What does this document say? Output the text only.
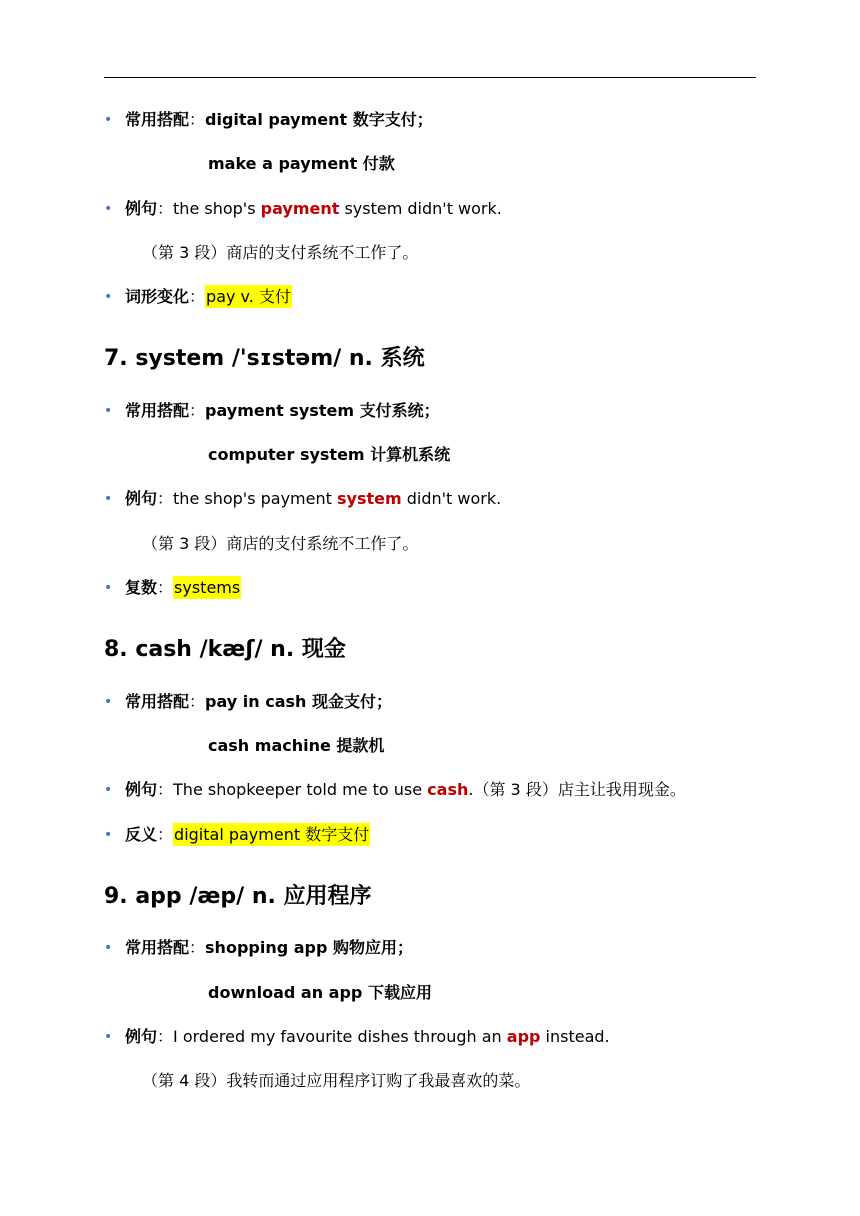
• 常用搭配：digital payment 数字支付；
make a payment 付款
• 例句：the shop's payment system didn't work.
（第 3 段）商店的支付系统不工作了。
• 词形变化：pay v. 支付
7. system /'sɪstəm/ n. 系统
• 常用搭配：payment system 支付系统；
computer system 计算机系统
• 例句：the shop's payment system didn't work.
（第 3 段）商店的支付系统不工作了。
• 复数：systems
8. cash /kæʃ/ n. 现金
• 常用搭配：pay in cash 现金支付；
cash machine 提款机
• 例句：The shopkeeper told me to use cash.（第 3 段）店主让我用现金。
• 反义：digital payment 数字支付
9. app /æp/ n. 应用程序
• 常用搭配：shopping app 购物应用；
download an app 下载应用
• 例句：I ordered my favourite dishes through an app instead.
（第 4 段）我转而通过应用程序订购了我最喜欢的菜。
